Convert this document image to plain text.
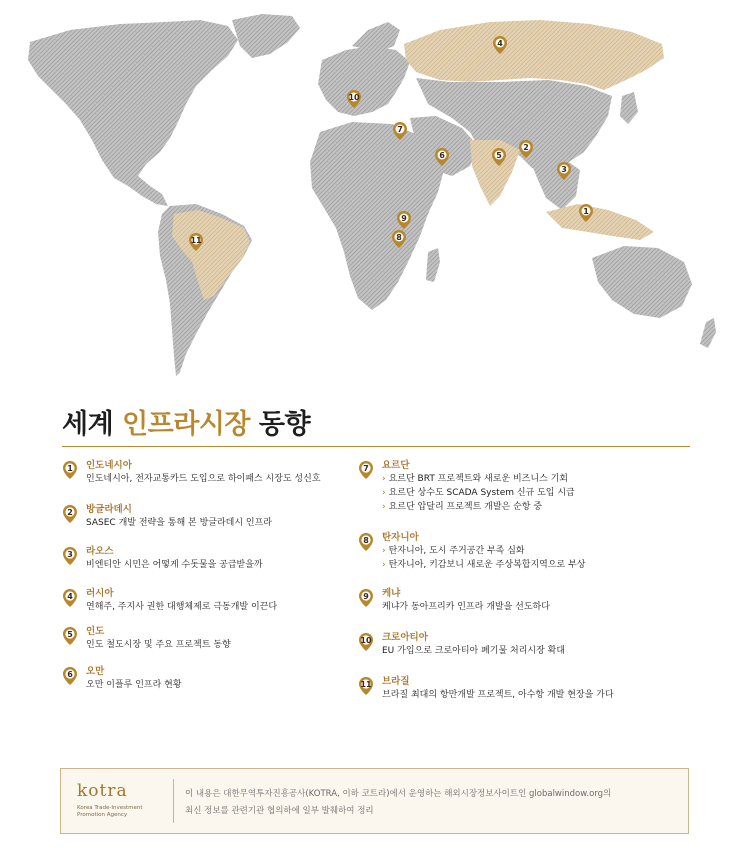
1
2
3
4
5
6
7
8
9
10
11
세계 인프라시장 동향
1 인도네시아
인도네시아, 전자교통카드 도입으로 하이패스 시장도 성신호
2 방글라데시
SASEC 개발 전략을 통해 본 방글라데시 인프라
3 라오스
비엔티안 시민은 어떻게 수돗물을 공급받을까
4 러시아
연해주, 주지사 권한 대행체제로 극동개발 이끈다
5 인도
인도 철도시장 및 주요 프로젝트 동향
6 오만
오만 이플루 인프라 현황
7 요르단
› 요르단 BRT 프로젝트와 새로운 비즈니스 기회
› 요르단 상수도 SCADA System 신규 도입 시급
› 요르단 압달리 프로젝트 개발은 순항 중
8 탄자니아
› 탄자니아, 도시 주거공간 부족 심화
› 탄자니아, 키감보니 새로운 주상복합지역으로 부상
9 케냐
케냐가 동아프리카 인프라 개발을 선도하다
10 크로아티아
EU 가입으로 크로아티아 폐기물 처리시장 확대
11 브라질
브라질 최대의 항만개발 프로젝트, 아수항 개발 현장을 가다
kotra
Korea Trade-Investment
Promotion Agency
이 내용은 대한무역투자진흥공사(KOTRA, 이하 코트라)에서 운영하는 해외시장정보사이트인 globalwindow.org의
최신 정보를 관련기관 협의하에 일부 발췌하여 정리
